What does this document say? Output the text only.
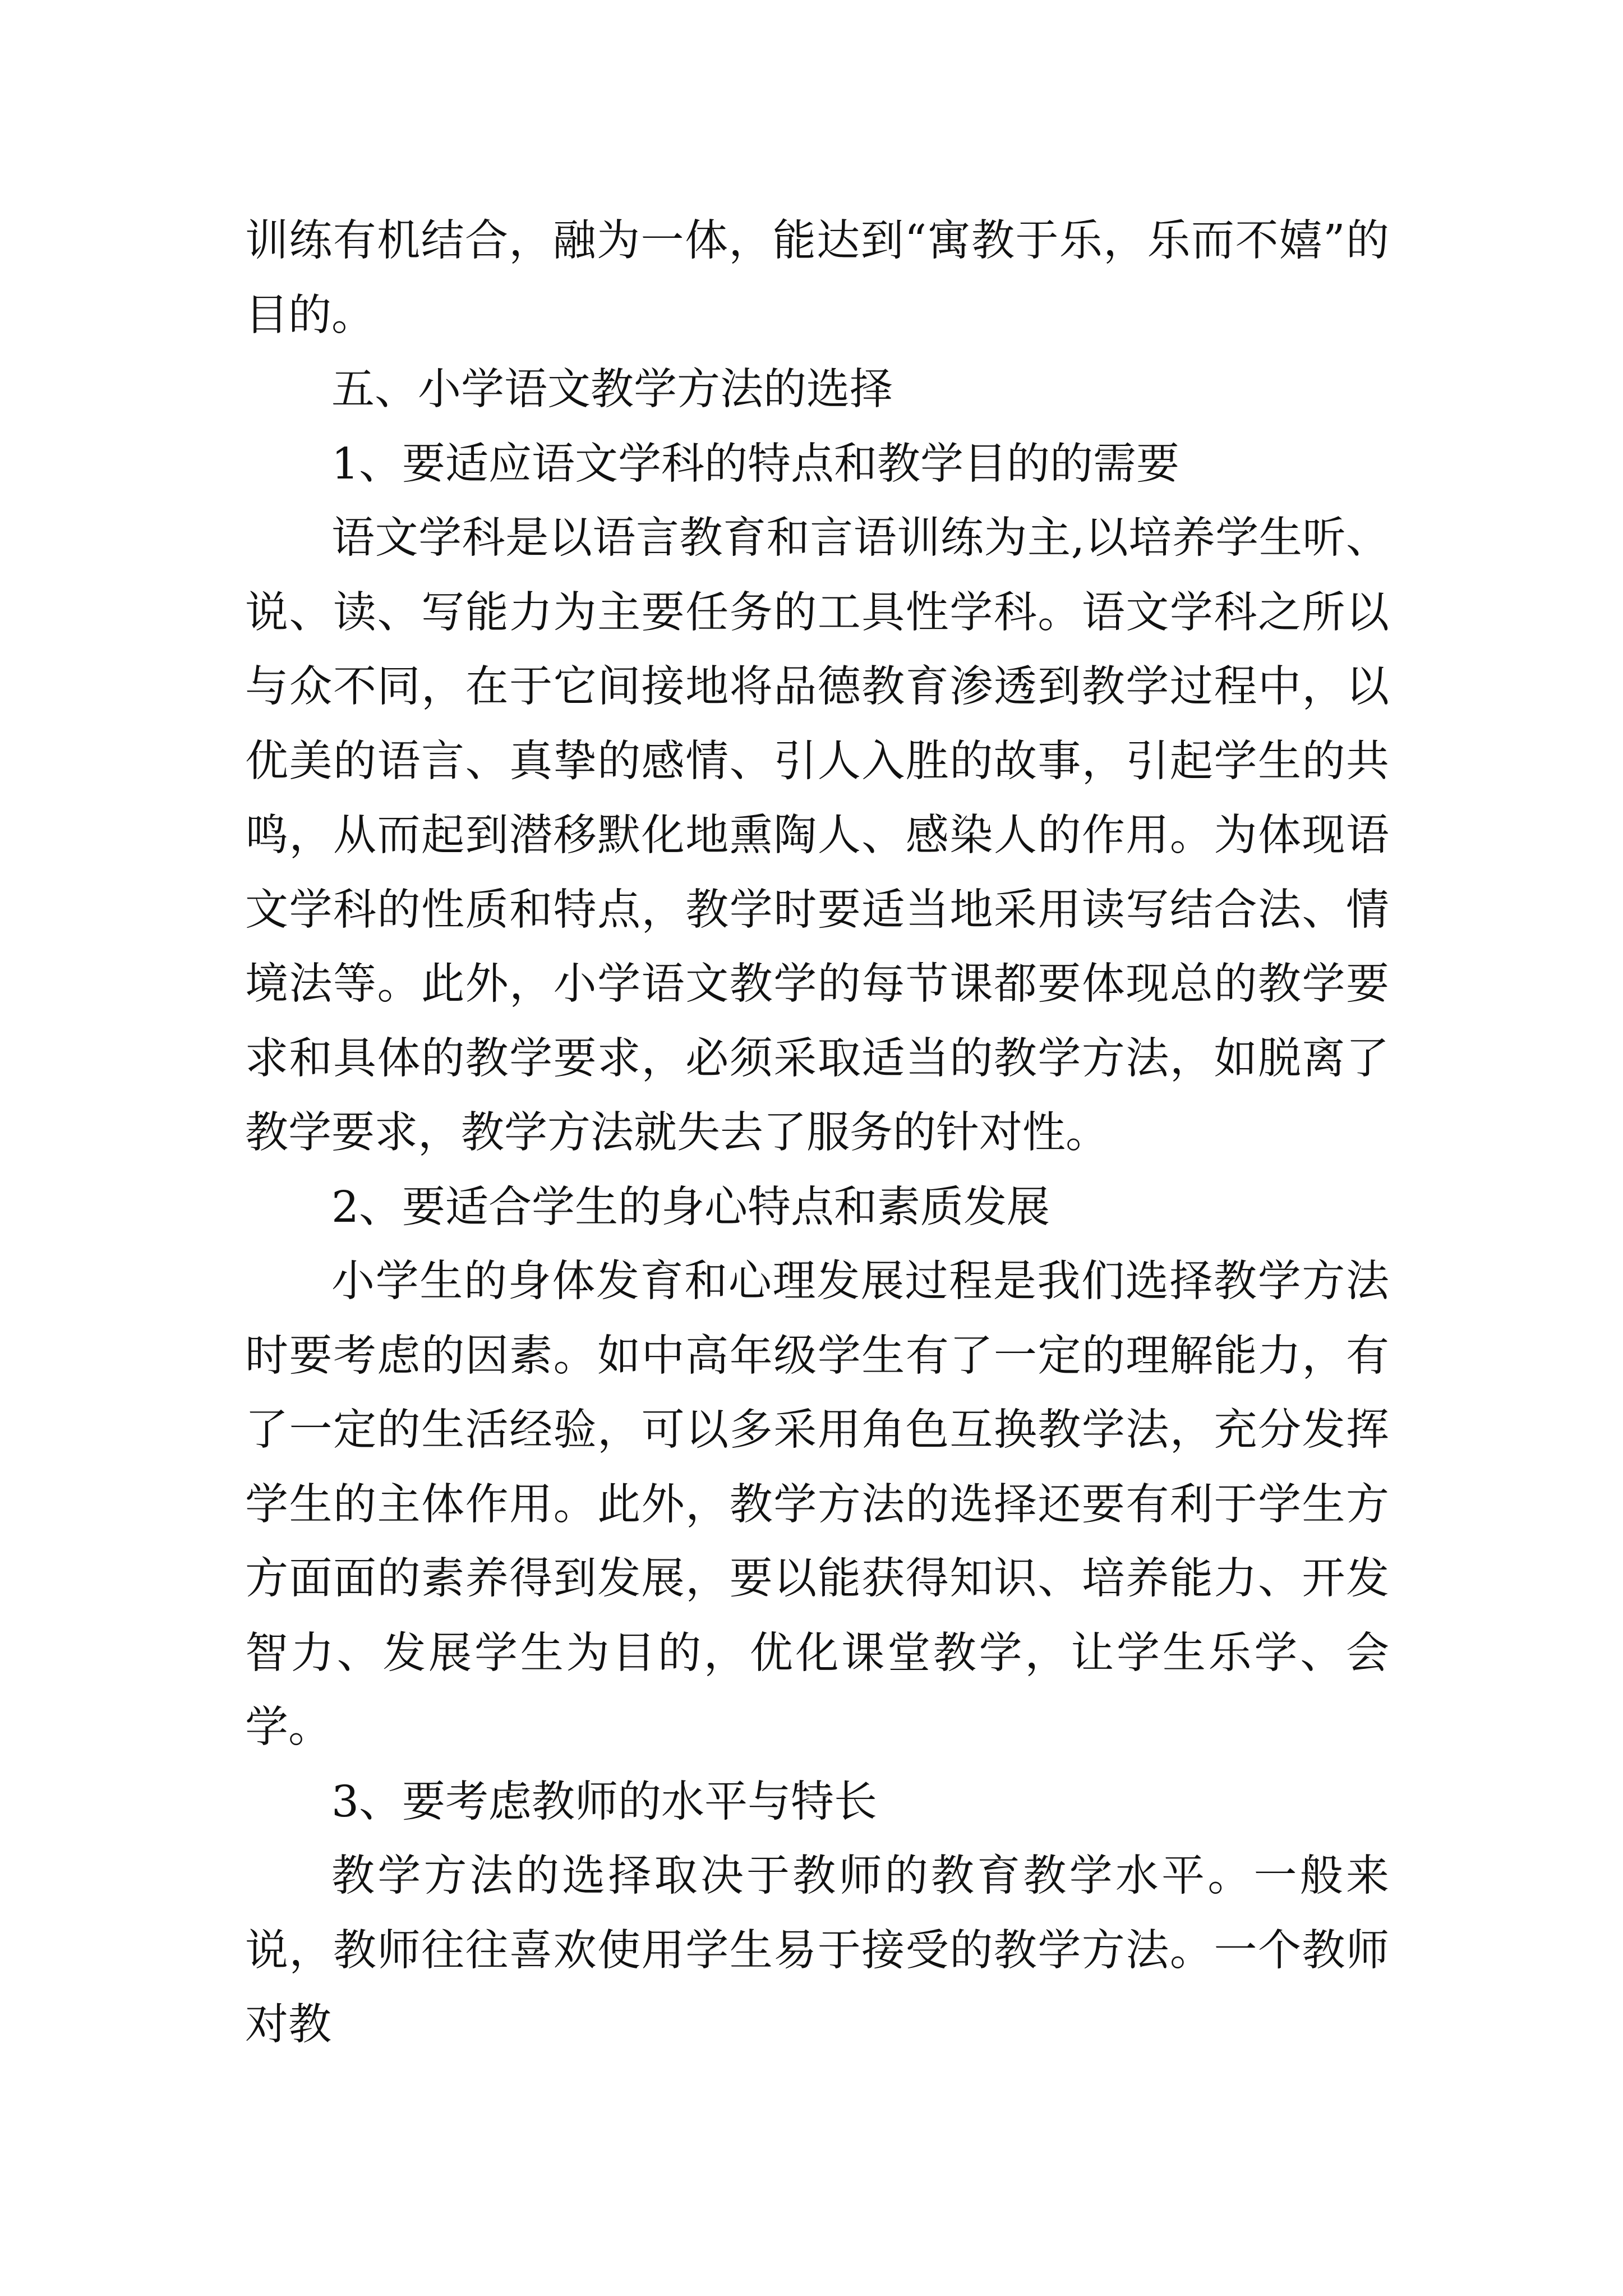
训练有机结合，融为一体，能达到“寓教于乐，乐而不嬉”的目的。

五、小学语文教学方法的选择

1、要适应语文学科的特点和教学目的的需要

语文学科是以语言教育和言语训练为主,以培养学生听、说、读、写能力为主要任务的工具性学科。语文学科之所以与众不同，在于它间接地将品德教育渗透到教学过程中，以优美的语言、真挚的感情、引人入胜的故事，引起学生的共鸣，从而起到潜移默化地熏陶人、感染人的作用。为体现语文学科的性质和特点，教学时要适当地采用读写结合法、情境法等。此外，小学语文教学的每节课都要体现总的教学要求和具体的教学要求，必须采取适当的教学方法，如脱离了教学要求，教学方法就失去了服务的针对性。

2、要适合学生的身心特点和素质发展

小学生的身体发育和心理发展过程是我们选择教学方法时要考虑的因素。如中高年级学生有了一定的理解能力，有了一定的生活经验，可以多采用角色互换教学法，充分发挥学生的主体作用。此外，教学方法的选择还要有利于学生方方面面的素养得到发展，要以能获得知识、培养能力、开发智力、发展学生为目的，优化课堂教学，让学生乐学、会学。

3、要考虑教师的水平与特长

教学方法的选择取决于教师的教育教学水平。一般来说，教师往往喜欢使用学生易于接受的教学方法。一个教师对教
